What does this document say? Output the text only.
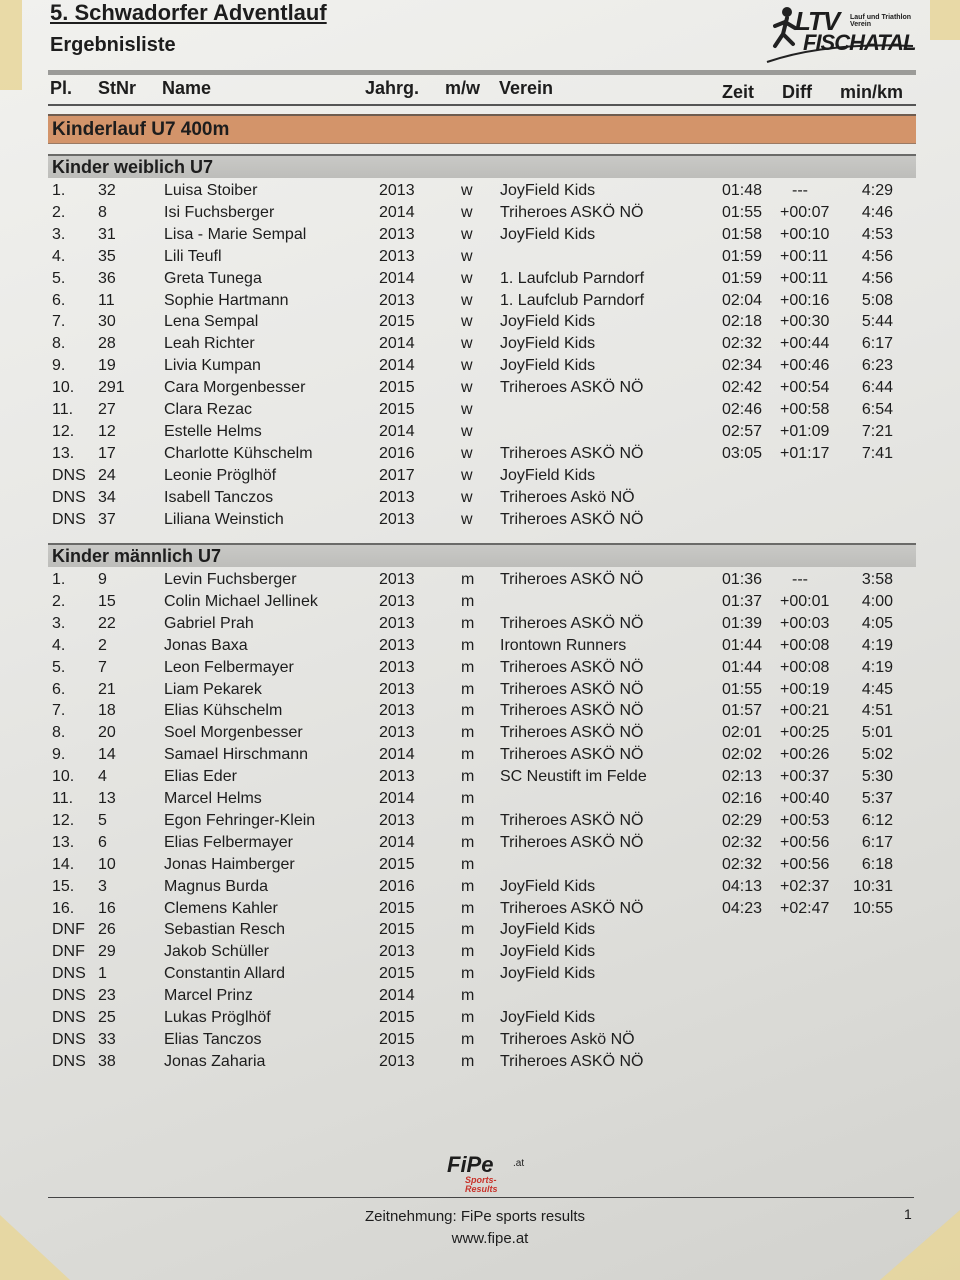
5. Schwadorfer Adventlauf
Ergebnisliste
LTV Lauf und Triathlon Verein
FISCHATAL
Pl. StNr Name	Jahrg. m/w Verein	Zeit Diff min/km
Kinderlauf U7 400m
Kinder weiblich U7
1. 32	Luisa Stoiber	2013	w JoyField Kids	01:48 ---	4:29
2. 8	Isi Fuchsberger	2014	w Triheroes ASKÖ NÖ	01:55 +00:07 4:46
3. 31	Lisa - Marie Sempal	2013	w JoyField Kids	01:58 +00:10 4:53
4. 35	Lili Teufl	2013	w	01:59 +00:11 4:56
5. 36	Greta Tunega	2014	w 1. Laufclub Parndorf	01:59 +00:11 4:56
6. 11	Sophie Hartmann	2013	w 1. Laufclub Parndorf	02:04 +00:16 5:08
7. 30	Lena Sempal	2015	w JoyField Kids	02:18 +00:30 5:44
8. 28	Leah Richter	2014	w JoyField Kids	02:32 +00:44 6:17
9. 19	Livia Kumpan	2014	w JoyField Kids	02:34 +00:46 6:23
10. 291 Cara Morgenbesser	2015	w Triheroes ASKÖ NÖ	02:42 +00:54 6:44
11. 27	Clara Rezac	2015	w	02:46 +00:58 6:54
12. 12	Estelle Helms	2014	w	02:57 +01:09 7:21
13. 17	Charlotte Kühschelm	2016	w Triheroes ASKÖ NÖ	03:05 +01:17 7:41
DNS 24	Leonie Pröglhöf	2017	w JoyField Kids
DNS 34	Isabell Tanczos	2013	w Triheroes Askö NÖ
DNS 37	Liliana Weinstich	2013	w Triheroes ASKÖ NÖ
Kinder männlich U7
1. 9	Levin Fuchsberger	2013	m Triheroes ASKÖ NÖ	01:36 ---	3:58
2. 15	Colin Michael Jellinek	2013	m	01:37 +00:01 4:00
3. 22	Gabriel Prah	2013	m Triheroes ASKÖ NÖ	01:39 +00:03 4:05
4. 2	Jonas Baxa	2013	m Irontown Runners	01:44 +00:08 4:19
5. 7	Leon Felbermayer	2013	m Triheroes ASKÖ NÖ	01:44 +00:08 4:19
6. 21	Liam Pekarek	2013	m Triheroes ASKÖ NÖ	01:55 +00:19 4:45
7. 18	Elias Kühschelm	2013	m Triheroes ASKÖ NÖ	01:57 +00:21 4:51
8. 20	Soel Morgenbesser	2013	m Triheroes ASKÖ NÖ	02:01 +00:25 5:01
9. 14	Samael Hirschmann	2014	m Triheroes ASKÖ NÖ	02:02 +00:26 5:02
10. 4	Elias Eder	2013	m SC Neustift im Felde	02:13 +00:37 5:30
11. 13	Marcel Helms	2014	m	02:16 +00:40 5:37
12. 5	Egon Fehringer-Klein	2013	m Triheroes ASKÖ NÖ	02:29 +00:53 6:12
13. 6	Elias Felbermayer	2014	m Triheroes ASKÖ NÖ	02:32 +00:56 6:17
14. 10	Jonas Haimberger	2015	m	02:32 +00:56 6:18
15. 3	Magnus Burda	2016	m JoyField Kids	04:13 +02:37 10:31
16. 16	Clemens Kahler	2015	m Triheroes ASKÖ NÖ	04:23 +02:47 10:55
DNF 26	Sebastian Resch	2015	m JoyField Kids
DNF 29	Jakob Schüller	2013	m JoyField Kids
DNS 1	Constantin Allard	2015	m JoyField Kids
DNS 23	Marcel Prinz	2014	m
DNS 25	Lukas Pröglhöf	2015	m JoyField Kids
DNS 33	Elias Tanczos	2015	m Triheroes Askö NÖ
DNS 38	Jonas Zaharia	2013	m Triheroes ASKÖ NÖ
FiPe .at
Sports-
Results
Zeitnehmung: FiPe sports results
www.fipe.at
1
